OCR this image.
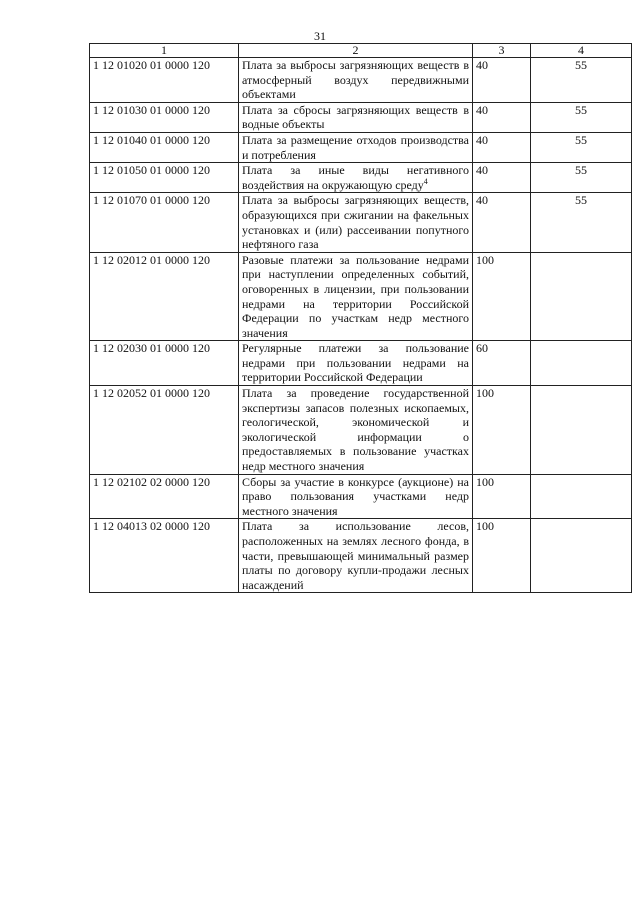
31
1	2	3	4
1 12 01020 01 0000 120	Плата за выбросы загрязняющих веществ в атмосферный воздух передвижными объектами	40	55
1 12 01030 01 0000 120	Плата за сбросы загрязняющих веществ в водные объекты	40	55
1 12 01040 01 0000 120	Плата за размещение отходов производства и потребления	40	55
1 12 01050 01 0000 120	Плата за иные виды негативного воздействия на окружающую среду$^4$	40	55
1 12 01070 01 0000 120	Плата за выбросы загрязняющих веществ, образующихся при сжигании на факельных установках и (или) рассеивании попутного нефтяного газа	40	55
1 12 02012 01 0000 120	Разовые платежи за пользование недрами при наступлении определенных событий, оговоренных в лицензии, при пользовании недрами на территории Российской Федерации по участкам недр местного значения	100	
1 12 02030 01 0000 120	Регулярные платежи за пользование недрами при пользовании недрами на территории Российской Федерации	60	
1 12 02052 01 0000 120	Плата за проведение государственной экспертизы запасов полезных ископаемых, геологической, экономической и экологической информации о предоставляемых в пользование участках недр местного значения	100	
1 12 02102 02 0000 120	Сборы за участие в конкурсе (аукционе) на право пользования участками недр местного значения	100	
1 12 04013 02 0000 120	Плата за использование лесов, расположенных на землях лесного фонда, в части, превышающей минимальный размер платы по договору купли-продажи лесных насаждений	100	
